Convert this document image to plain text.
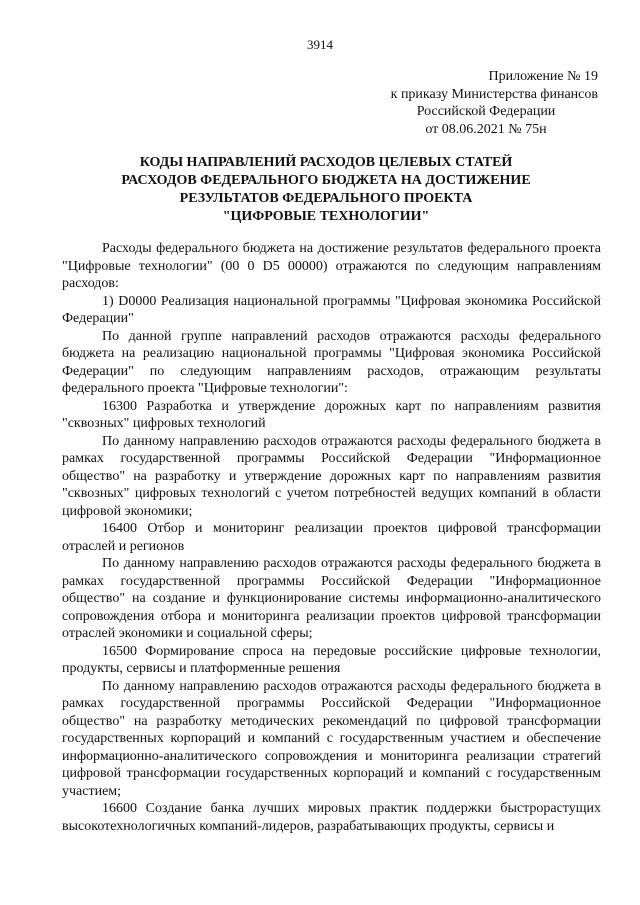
3914
Приложение № 19
к приказу Министерства финансов
Российской Федерации
от 08.06.2021 № 75н
КОДЫ НАПРАВЛЕНИЙ РАСХОДОВ ЦЕЛЕВЫХ СТАТЕЙ
РАСХОДОВ ФЕДЕРАЛЬНОГО БЮДЖЕТА НА ДОСТИЖЕНИЕ
РЕЗУЛЬТАТОВ ФЕДЕРАЛЬНОГО ПРОЕКТА
"ЦИФРОВЫЕ ТЕХНОЛОГИИ"

Расходы федерального бюджета на достижение результатов федерального проекта "Цифровые технологии" (00 0 D5 00000) отражаются по следующим направлениям расходов:

1) D0000 Реализация национальной программы "Цифровая экономика Российской Федерации"

По данной группе направлений расходов отражаются расходы федерального бюджета на реализацию национальной программы "Цифровая экономика Российской Федерации" по следующим направлениям расходов, отражающим результаты федерального проекта "Цифровые технологии":

16300 Разработка и утверждение дорожных карт по направлениям развития "сквозных" цифровых технологий

По данному направлению расходов отражаются расходы федерального бюджета в рамках государственной программы Российской Федерации "Информационное общество" на разработку и утверждение дорожных карт по направлениям развития "сквозных" цифровых технологий с учетом потребностей ведущих компаний в области цифровой экономики;

16400 Отбор и мониторинг реализации проектов цифровой трансформации отраслей и регионов

По данному направлению расходов отражаются расходы федерального бюджета в рамках государственной программы Российской Федерации "Информационное общество" на создание и функционирование системы информационно-аналитического сопровождения отбора и мониторинга реализации проектов цифровой трансформации отраслей экономики и социальной сферы;

16500 Формирование спроса на передовые российские цифровые технологии, продукты, сервисы и платформенные решения

По данному направлению расходов отражаются расходы федерального бюджета в рамках государственной программы Российской Федерации "Информационное общество" на разработку методических рекомендаций по цифровой трансформации государственных корпораций и компаний с государственным участием и обеспечение информационно-аналитического сопровождения и мониторинга реализации стратегий цифровой трансформации государственных корпораций и компаний с государственным участием;

16600 Создание банка лучших мировых практик поддержки быстрорастущих высокотехнологичных компаний-лидеров, разрабатывающих продукты, сервисы и
